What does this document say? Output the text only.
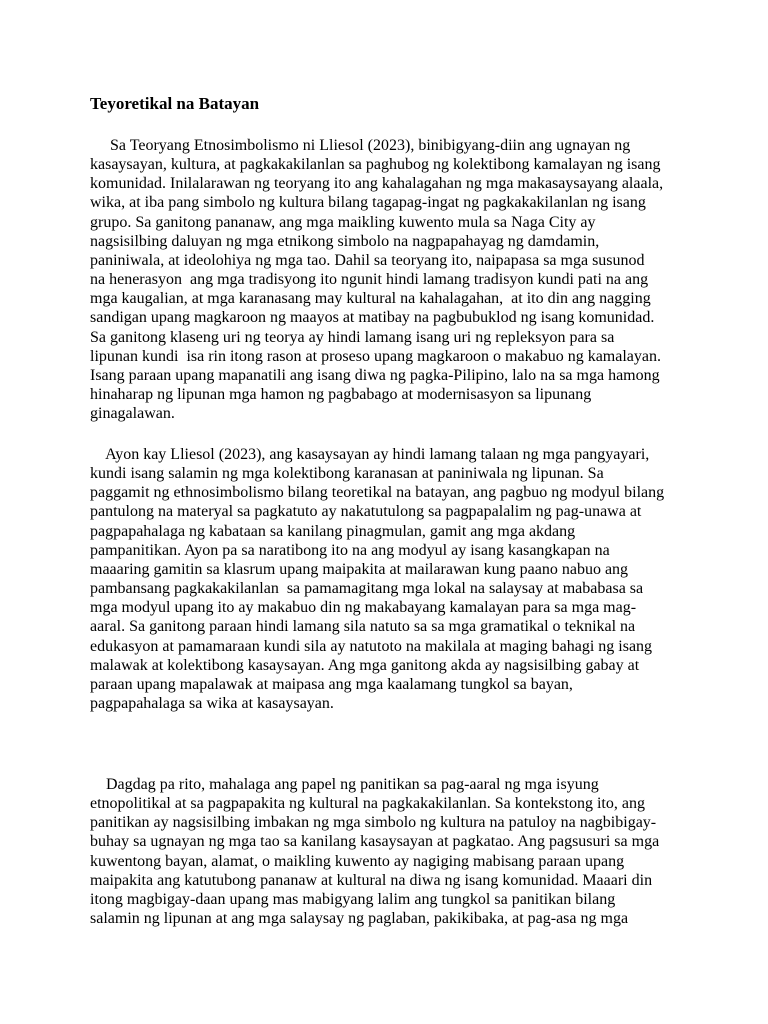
Teyoretikal na Batayan

Sa Teoryang Etnosimbolismo ni Lliesol (2023), binibigyang-diin ang ugnayan ng
kasaysayan, kultura, at pagkakakilanlan sa paghubog ng kolektibong kamalayan ng isang
komunidad. Inilalarawan ng teoryang ito ang kahalagahan ng mga makasaysayang alaala,
wika, at iba pang simbolo ng kultura bilang tagapag-ingat ng pagkakakilanlan ng isang
grupo. Sa ganitong pananaw, ang mga maikling kuwento mula sa Naga City ay
nagsisilbing daluyan ng mga etnikong simbolo na nagpapahayag ng damdamin,
paniniwala, at ideolohiya ng mga tao. Dahil sa teoryang ito, naipapasa sa mga susunod
na henerasyon  ang mga tradisyong ito ngunit hindi lamang tradisyon kundi pati na ang
mga kaugalian, at mga karanasang may kultural na kahalagahan,  at ito din ang nagging
sandigan upang magkaroon ng maayos at matibay na pagbubuklod ng isang komunidad.
Sa ganitong klaseng uri ng teorya ay hindi lamang isang uri ng repleksyon para sa
lipunan kundi  isa rin itong rason at proseso upang magkaroon o makabuo ng kamalayan.
Isang paraan upang mapanatili ang isang diwa ng pagka-Pilipino, lalo na sa mga hamong
hinaharap ng lipunan mga hamon ng pagbabago at modernisasyon sa lipunang
ginagalawan.

Ayon kay Lliesol (2023), ang kasaysayan ay hindi lamang talaan ng mga pangyayari,
kundi isang salamin ng mga kolektibong karanasan at paniniwala ng lipunan. Sa
paggamit ng ethnosimbolismo bilang teoretikal na batayan, ang pagbuo ng modyul bilang
pantulong na materyal sa pagkatuto ay nakatutulong sa pagpapalalim ng pag-unawa at
pagpapahalaga ng kabataan sa kanilang pinagmulan, gamit ang mga akdang
pampanitikan. Ayon pa sa naratibong ito na ang modyul ay isang kasangkapan na
maaaring gamitin sa klasrum upang maipakita at mailarawan kung paano nabuo ang
pambansang pagkakakilanlan  sa pamamagitang mga lokal na salaysay at mababasa sa
mga modyul upang ito ay makabuo din ng makabayang kamalayan para sa mga mag-
aaral. Sa ganitong paraan hindi lamang sila natuto sa sa mga gramatikal o teknikal na
edukasyon at pamamaraan kundi sila ay natutoto na makilala at maging bahagi ng isang
malawak at kolektibong kasaysayan. Ang mga ganitong akda ay nagsisilbing gabay at
paraan upang mapalawak at maipasa ang mga kaalamang tungkol sa bayan,
pagpapahalaga sa wika at kasaysayan.

Dagdag pa rito, mahalaga ang papel ng panitikan sa pag-aaral ng mga isyung
etnopolitikal at sa pagpapakita ng kultural na pagkakakilanlan. Sa kontekstong ito, ang
panitikan ay nagsisilbing imbakan ng mga simbolo ng kultura na patuloy na nagbibigay-
buhay sa ugnayan ng mga tao sa kanilang kasaysayan at pagkatao. Ang pagsusuri sa mga
kuwentong bayan, alamat, o maikling kuwento ay nagiging mabisang paraan upang
maipakita ang katutubong pananaw at kultural na diwa ng isang komunidad. Maaari din
itong magbigay-daan upang mas mabigyang lalim ang tungkol sa panitikan bilang
salamin ng lipunan at ang mga salaysay ng paglaban, pakikibaka, at pag-asa ng mga
